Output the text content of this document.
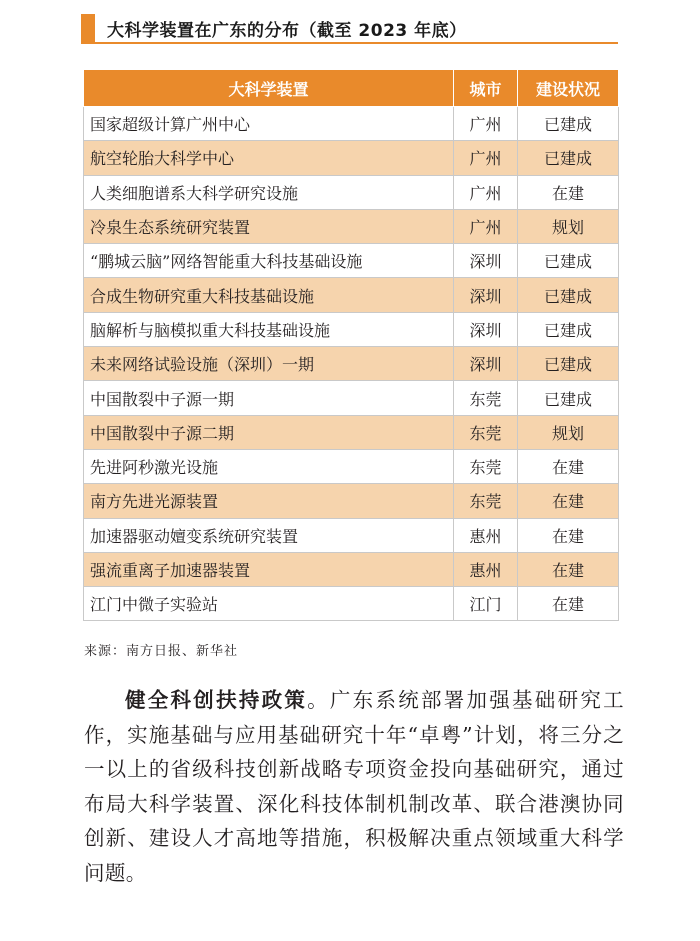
大科学装置在广东的分布（截至 2023 年底）
大科学装置	城市	建设状况
国家超级计算广州中心	广州	已建成
航空轮胎大科学中心	广州	已建成
人类细胞谱系大科学研究设施	广州	在建
冷泉生态系统研究装置	广州	规划
“鹏城云脑”网络智能重大科技基础设施	深圳	已建成
合成生物研究重大科技基础设施	深圳	已建成
脑解析与脑模拟重大科技基础设施	深圳	已建成
未来网络试验设施（深圳）一期	深圳	已建成
中国散裂中子源一期	东莞	已建成
中国散裂中子源二期	东莞	规划
先进阿秒激光设施	东莞	在建
南方先进光源装置	东莞	在建
加速器驱动嬗变系统研究装置	惠州	在建
强流重离子加速器装置	惠州	在建
江门中微子实验站	江门	在建
来源：南方日报、新华社

健全科创扶持政策。广东系统部署加强基础研究工作，实施基础与应用基础研究十年“卓粤”计划，将三分之一以上的省级科技创新战略专项资金投向基础研究，通过布局大科学装置、深化科技体制机制改革、联合港澳协同创新、建设人才高地等措施，积极解决重点领域重大科学问题。
